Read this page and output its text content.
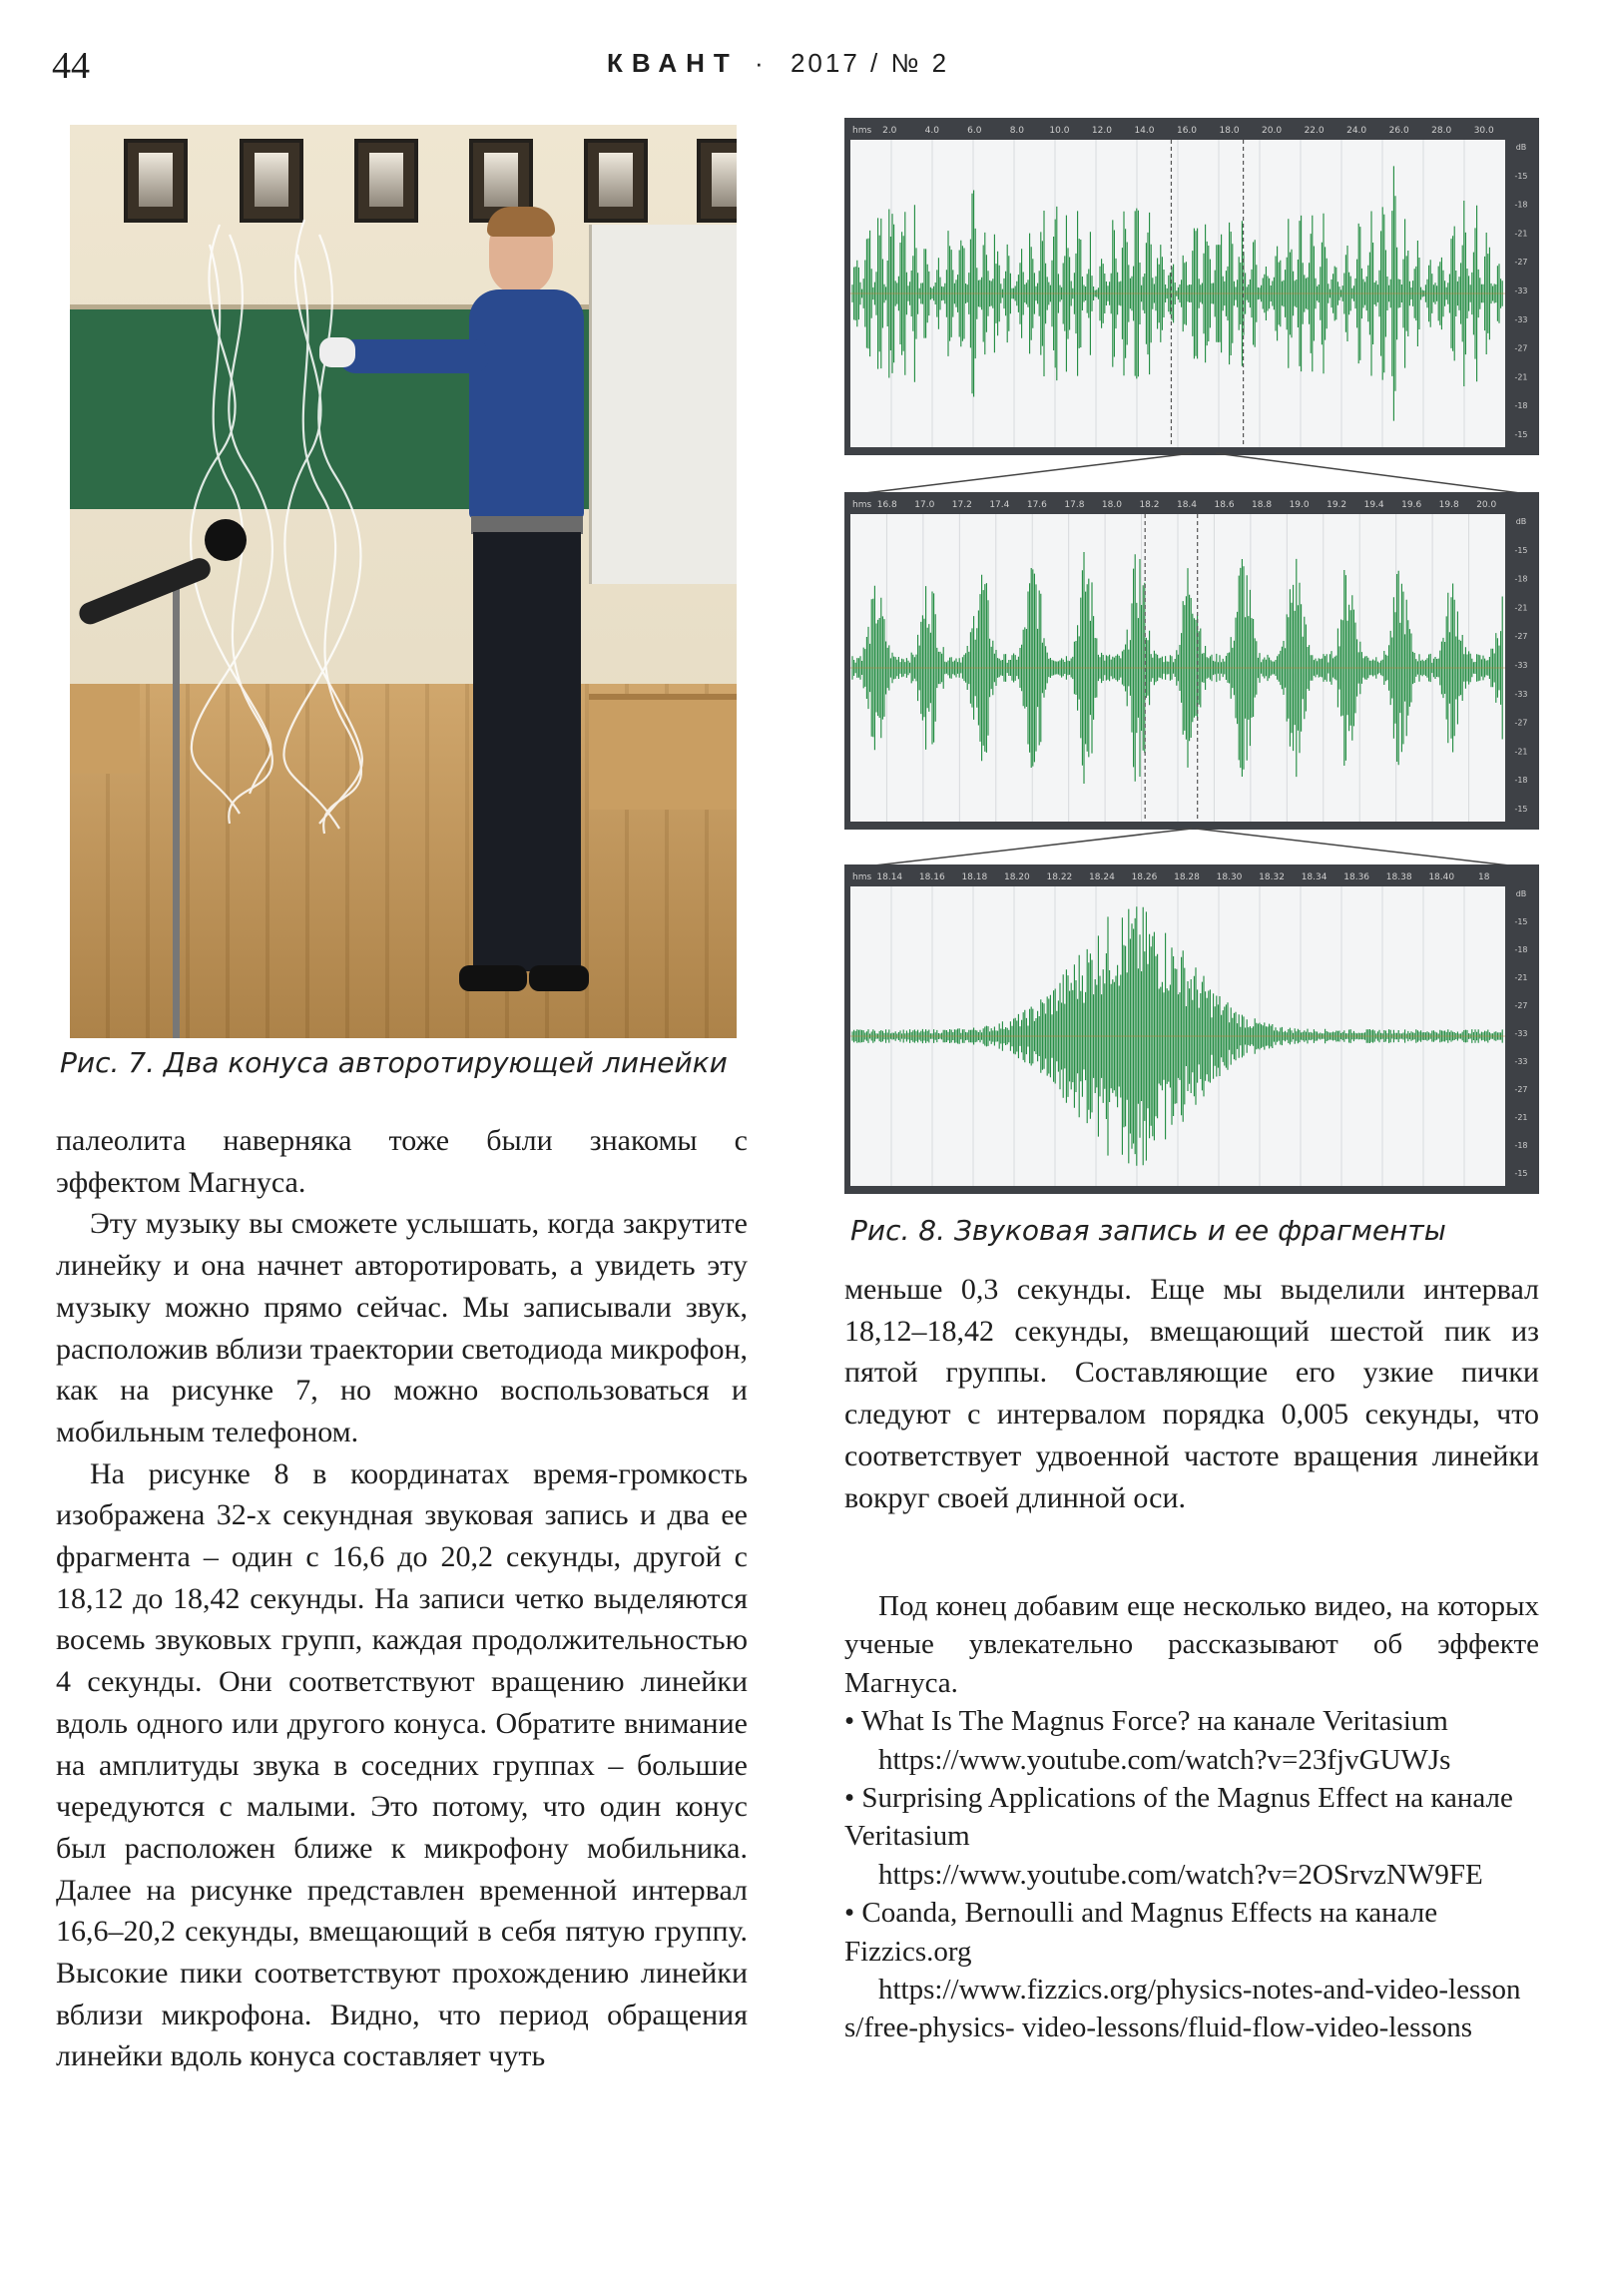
44	КВАНТ · 2017 / № 2
Рис. 7. Два конуса авторотирующей линейки
hms 2.0	4.0	6.0	8.0	10.0 12.0 14.0 16.0 18.0 20.0 22.0 24.0 26.0 28.0 30.0
dB
-15
-18
-21
-27
-33
-33
-27
-21
-18
-15
hms 16.8 17.0 17.2 17.4 17.6 17.8 18.0 18.2 18.4 18.6 18.8 19.0 19.2 19.4 19.6 19.8 20.0
dB
-15
-18
-21
-27
-33
-33
-27
-21
-18
-15
hms 18.14 18.16 18.18 18.20 18.22 18.24 18.26 18.28 18.30 18.32 18.34 18.36 18.38 18.40	18
dB
-15
-18
-21
-27
-33
-33
-27
-21
-18
-15
Рис. 8. Звуковая запись и ее фрагменты

палеолита наверняка тоже были знакомы с

эффектом Магнуса.

Эту музыку вы сможете услышать, когда закрутите линейку и она начнет авторотировать, а увидеть эту музыку можно прямо сейчас. Мы записывали звук, расположив вблизи траектории светодиода микрофон, как на рисунке 7, но можно воспользоваться и мобильным телефоном.

На рисунке 8 в координатах время-громкость изображена 32-х секундная звуковая запись и два ее фрагмента – один с 16,6 до 20,2 секунды, другой с 18,12 до 18,42 секунды. На записи четко выделяются восемь звуковых групп, каждая продолжительностью 4 секунды. Они соответствуют вращению линейки вдоль одного или другого конуса. Обратите внимание на амплитуды звука в соседних группах – большие чередуются с малыми. Это потому, что один конус был расположен ближе к микрофону мобильника. Далее на рисунке представлен временной интервал 16,6–20,2 секунды, вмещающий в себя пятую группу. Высокие пики соответствуют прохождению линейки вблизи микрофона. Видно, что период обращения линейки вдоль конуса составляет чуть

меньше 0,3 секунды. Еще мы выделили интервал 18,12–18,42 секунды, вмещающий шестой пик из пятой группы. Составляющие его узкие пички следуют с интервалом порядка 0,005 секунды, что соответствует удвоенной частоте вращения линейки вокруг своей длинной оси.

Под конец добавим еще несколько видео, на которых ученые увлекательно рассказывают об эффекте Магнуса.

• What Is The Magnus Force? на канале Veritasium

https://www.youtube.com/watch?v=23fjvGUWJs

• Surprising Applications of the Magnus Effect на канале Veritasium

https://www.youtube.com/watch?v=2OSrvzNW9FE

• Coanda, Bernoulli and Magnus Effects на канале Fizzics.org

https://www.fizzics.org/physics-notes-and-video-lessons/free-physics- video-lessons/fluid-flow-video-lessons
